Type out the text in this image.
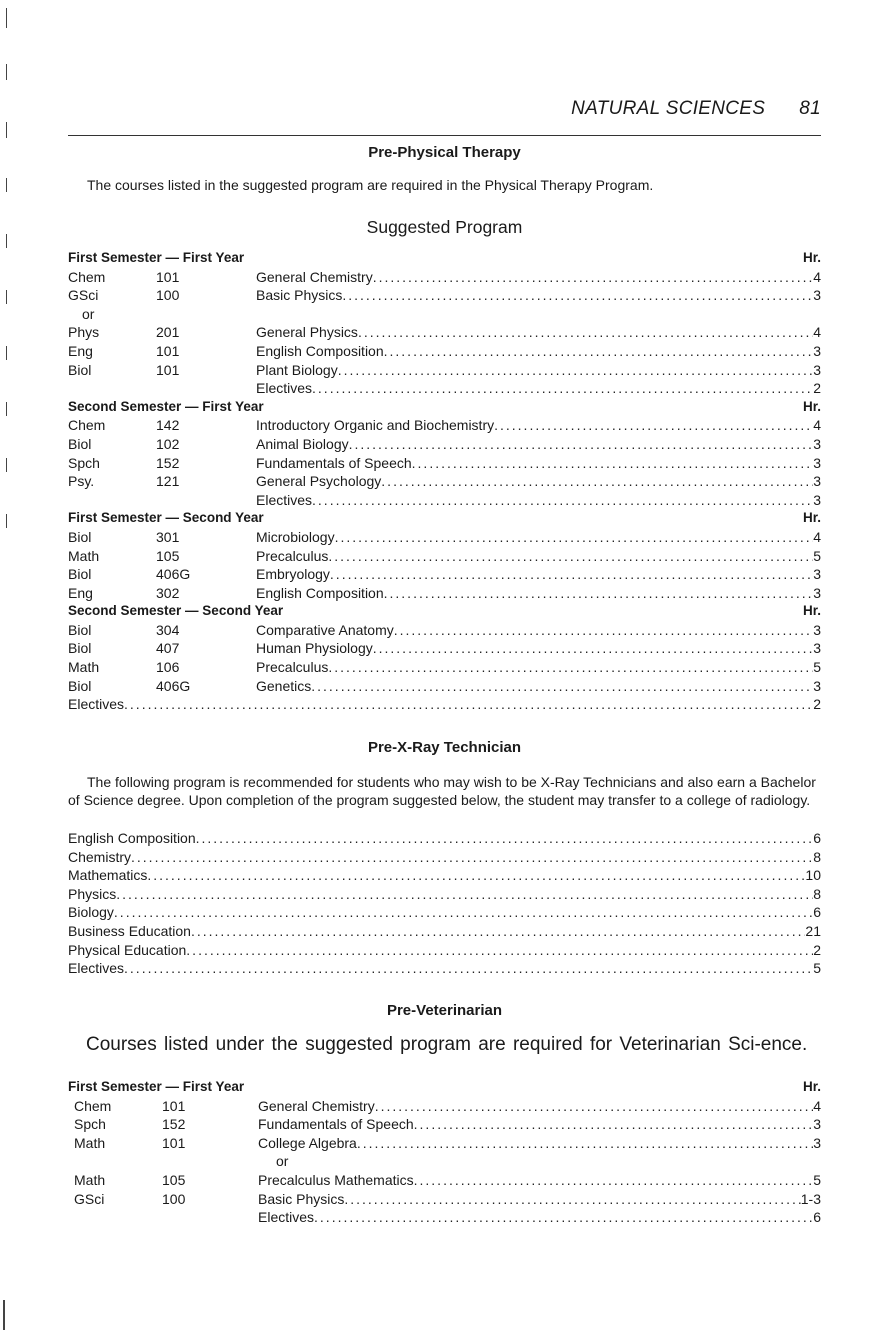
NATURAL SCIENCES 81
Pre-Physical Therapy
The courses listed in the suggested program are required in the Physical Therapy Program.
Suggested Program
First Semester — First Year	Hr.
Chem	101	General Chemistry .....	4
GSci	100	Basic Physics .....	3
or
Phys	201	General Physics .....	4
Eng	101	English Composition .....	3
Biol	101	Plant Biology .....	3
Electives .....	2
Second Semester — First Year	Hr.
Chem	142	Introductory Organic and Biochemistry .....	4
Biol	102	Animal Biology .....	3
Spch	152	Fundamentals of Speech .....	3
Psy.	121	General Psychology .....	3
Electives .....	3
First Semester — Second Year	Hr.
Biol	301	Microbiology .....	4
Math	105	Precalculus .....	5
Biol	406G	Embryology .....	3
Eng	302	English Composition .....	3
Second Semester — Second Year	Hr.
Biol	304	Comparative Anatomy .....	3
Biol	407	Human Physiology .....	3
Math	106	Precalculus .....	5
Biol	406G	Genetics .....	3
Electives .....	2
Pre-X-Ray Technician
The following program is recommended for students who may wish to be X-Ray Technicians and also earn a Bachelor of Science degree. Upon completion of the program suggested below, the student may transfer to a college of radiology.
English Composition .....	6
Chemistry .....	8
Mathematics .....	10
Physics .....	8
Biology .....	6
Business Education .....	21
Physical Education .....	2
Electives .....	5
Pre-Veterinarian
Courses listed under the suggested program are required for Veterinarian Sci-ence.
First Semester — First Year	Hr.
Chem	101	General Chemistry .....	4
Spch	152	Fundamentals of Speech .....	3
Math	101	College Algebra .....	3
or
Math	105	Precalculus Mathematics .....	5
GSci	100	Basic Physics .....	1-3
Electives .....	6
